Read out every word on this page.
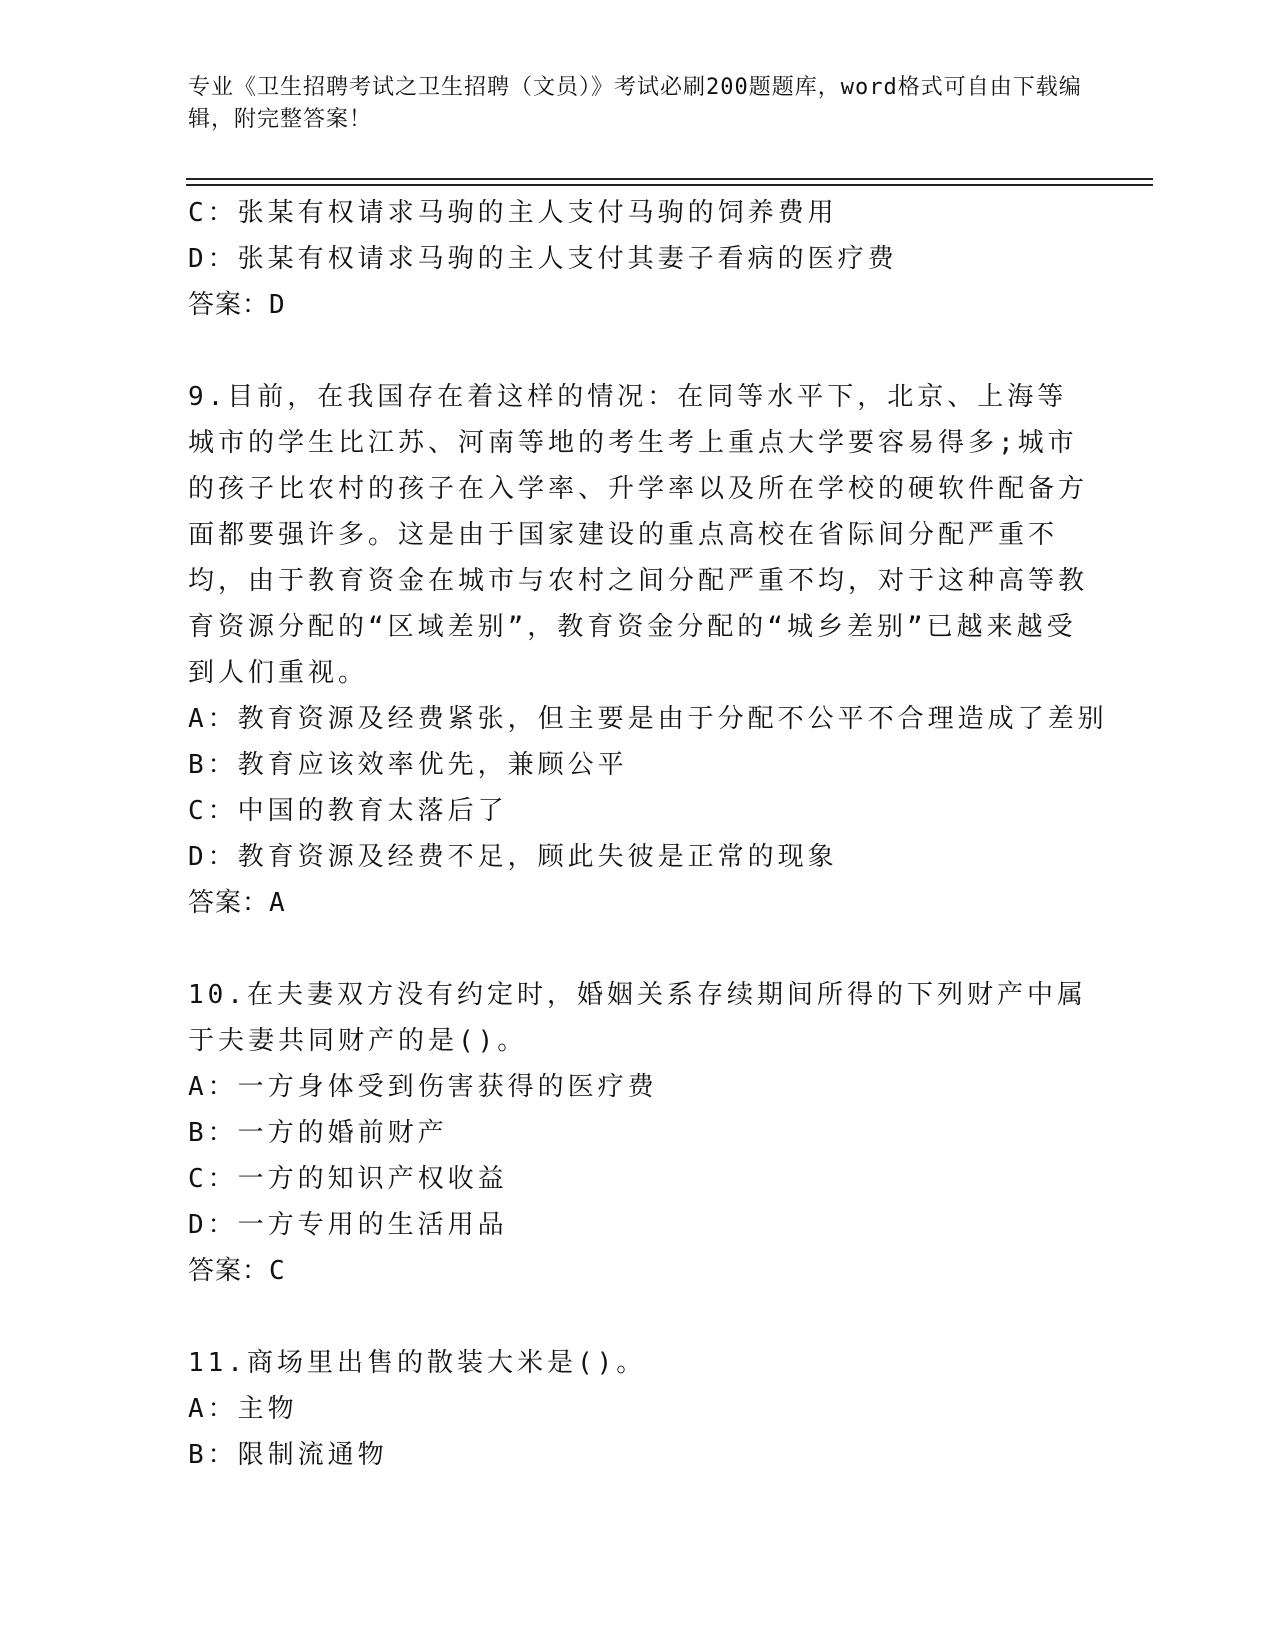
专业《卫生招聘考试之卫生招聘（文员）》考试必刷200题题库，word格式可自由下载编辑，附完整答案！
C：张某有权请求马驹的主人支付马驹的饲养费用
D：张某有权请求马驹的主人支付其妻子看病的医疗费
答案：D
9.目前，在我国存在着这样的情况：在同等水平下，北京、上海等城市的学生比江苏、河南等地的考生考上重点大学要容易得多;城市的孩子比农村的孩子在入学率、升学率以及所在学校的硬软件配备方面都要强许多。这是由于国家建设的重点高校在省际间分配严重不均，由于教育资金在城市与农村之间分配严重不均，对于这种高等教育资源分配的“区域差别”，教育资金分配的“城乡差别”已越来越受到人们重视。
A：教育资源及经费紧张，但主要是由于分配不公平不合理造成了差别
B：教育应该效率优先，兼顾公平
C：中国的教育太落后了
D：教育资源及经费不足，顾此失彼是正常的现象
答案：A
10.在夫妻双方没有约定时，婚姻关系存续期间所得的下列财产中属于夫妻共同财产的是()。
A：一方身体受到伤害获得的医疗费
B：一方的婚前财产
C：一方的知识产权收益
D：一方专用的生活用品
答案：C
11.商场里出售的散装大米是()。
A：主物
B：限制流通物
